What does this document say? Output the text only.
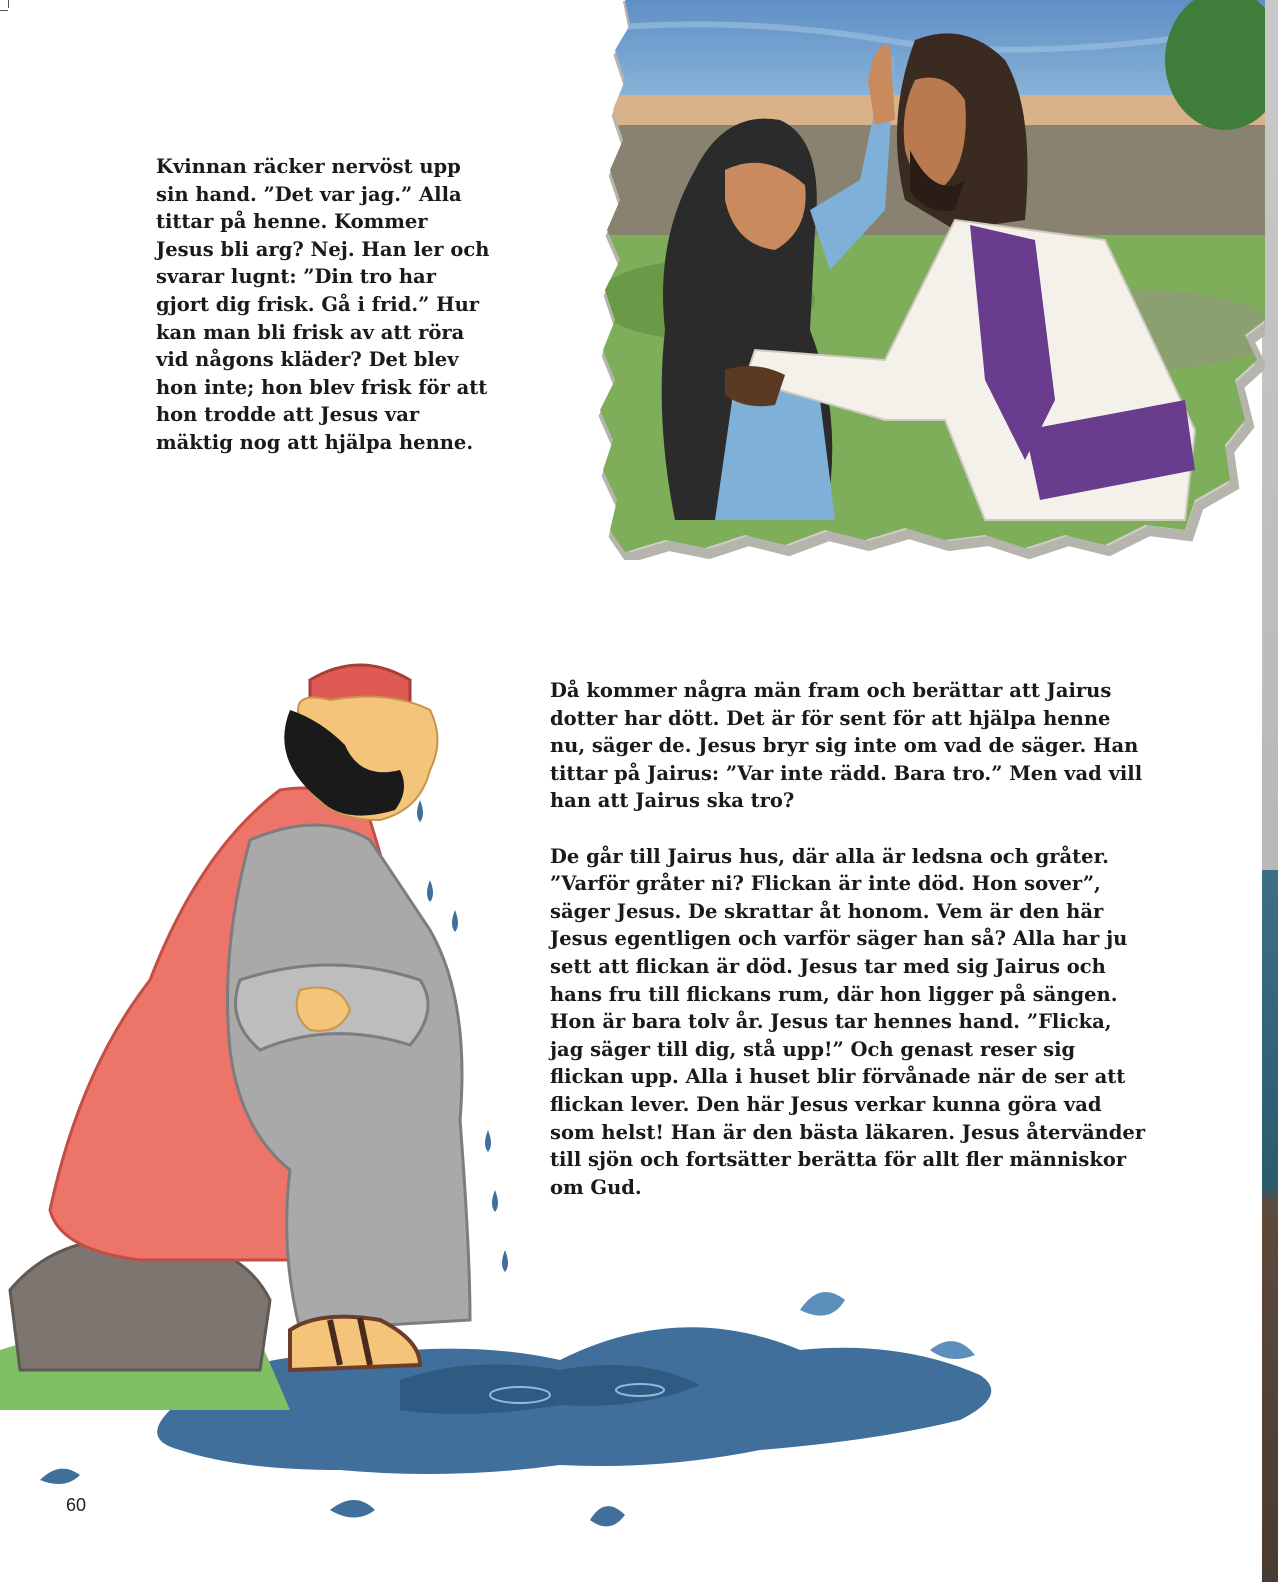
Kvinnan räcker nervöst upp sin hand. ”Det var jag.” Alla tittar på henne. Kommer Jesus bli arg? Nej. Han ler och svarar lugnt: ”Din tro har gjort dig frisk. Gå i frid.” Hur kan man bli frisk av att röra vid någons kläder? Det blev hon inte; hon blev frisk för att hon trodde att Jesus var mäktig nog att hjälpa henne.

Då kommer några män fram och berättar att Jairus dotter har dött. Det är för sent för att hjälpa henne nu, säger de. Jesus bryr sig inte om vad de säger. Han tittar på Jairus: ”Var inte rädd. Bara tro.” Men vad vill han att Jairus ska tro?

De går till Jairus hus, där alla är ledsna och gråter. ”Varför gråter ni? Flickan är inte död. Hon sover”, säger Jesus. De skrattar åt honom. Vem är den här Jesus egentligen och varför säger han så? Alla har ju sett att flickan är död. Jesus tar med sig Jairus och hans fru till flickans rum, där hon ligger på sängen. Hon är bara tolv år. Jesus tar hennes hand. ”Flicka, jag säger till dig, stå upp!” Och genast reser sig flickan upp. Alla i huset blir förvånade när de ser att flickan lever. Den här Jesus verkar kunna göra vad som helst! Han är den bästa läkaren. Jesus återvänder till sjön och fortsätter berätta för allt fler människor om Gud.

60
